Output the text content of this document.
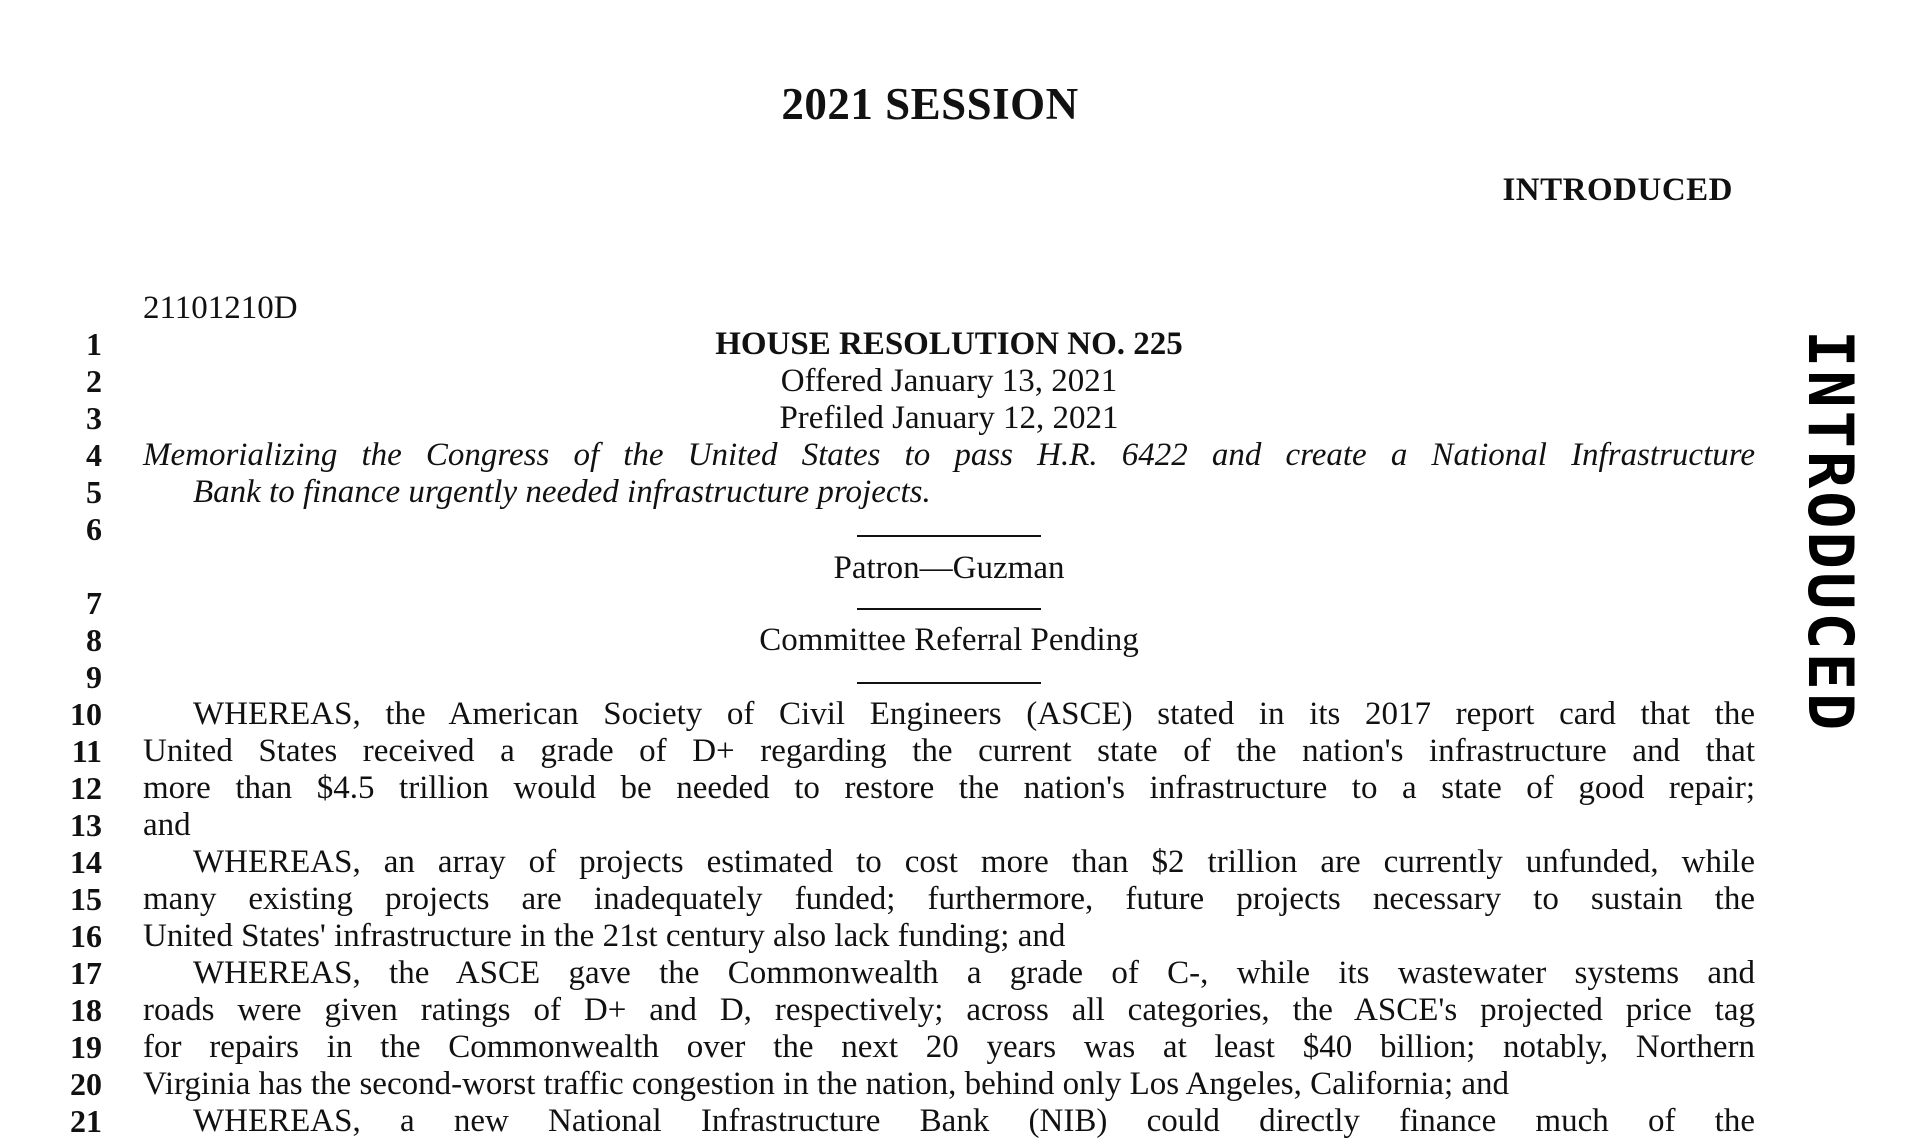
2021 SESSION
INTRODUCED
21101210D
INTRODUCED
Patron—Guzman
1	HOUSE RESOLUTION NO. 225
2	Offered January 13, 2021
3	Prefiled January 12, 2021
4 Memorializing the Congress of the United States to pass H.R. 6422 and create a National Infrastructure
5	Bank to finance urgently needed infrastructure projects.
6
7
8	Committee Referral Pending
9
10	WHEREAS, the American Society of Civil Engineers (ASCE) stated in its 2017 report card that the
11 United States received a grade of D+ regarding the current state of the nation's infrastructure and that
12 more than $4.5 trillion would be needed to restore the nation's infrastructure to a state of good repair;
13 and
14	WHEREAS, an array of projects estimated to cost more than $2 trillion are currently unfunded, while
15 many existing projects are inadequately funded; furthermore, future projects necessary to sustain the
16 United States' infrastructure in the 21st century also lack funding; and
17	WHEREAS, the ASCE gave the Commonwealth a grade of C-, while its wastewater systems and
18 roads were given ratings of D+ and D, respectively; across all categories, the ASCE's projected price tag
19 for repairs in the Commonwealth over the next 20 years was at least $40 billion; notably, Northern
20 Virginia has the second-worst traffic congestion in the nation, behind only Los Angeles, California; and
21	WHEREAS, a new National Infrastructure Bank (NIB) could directly finance much of the
